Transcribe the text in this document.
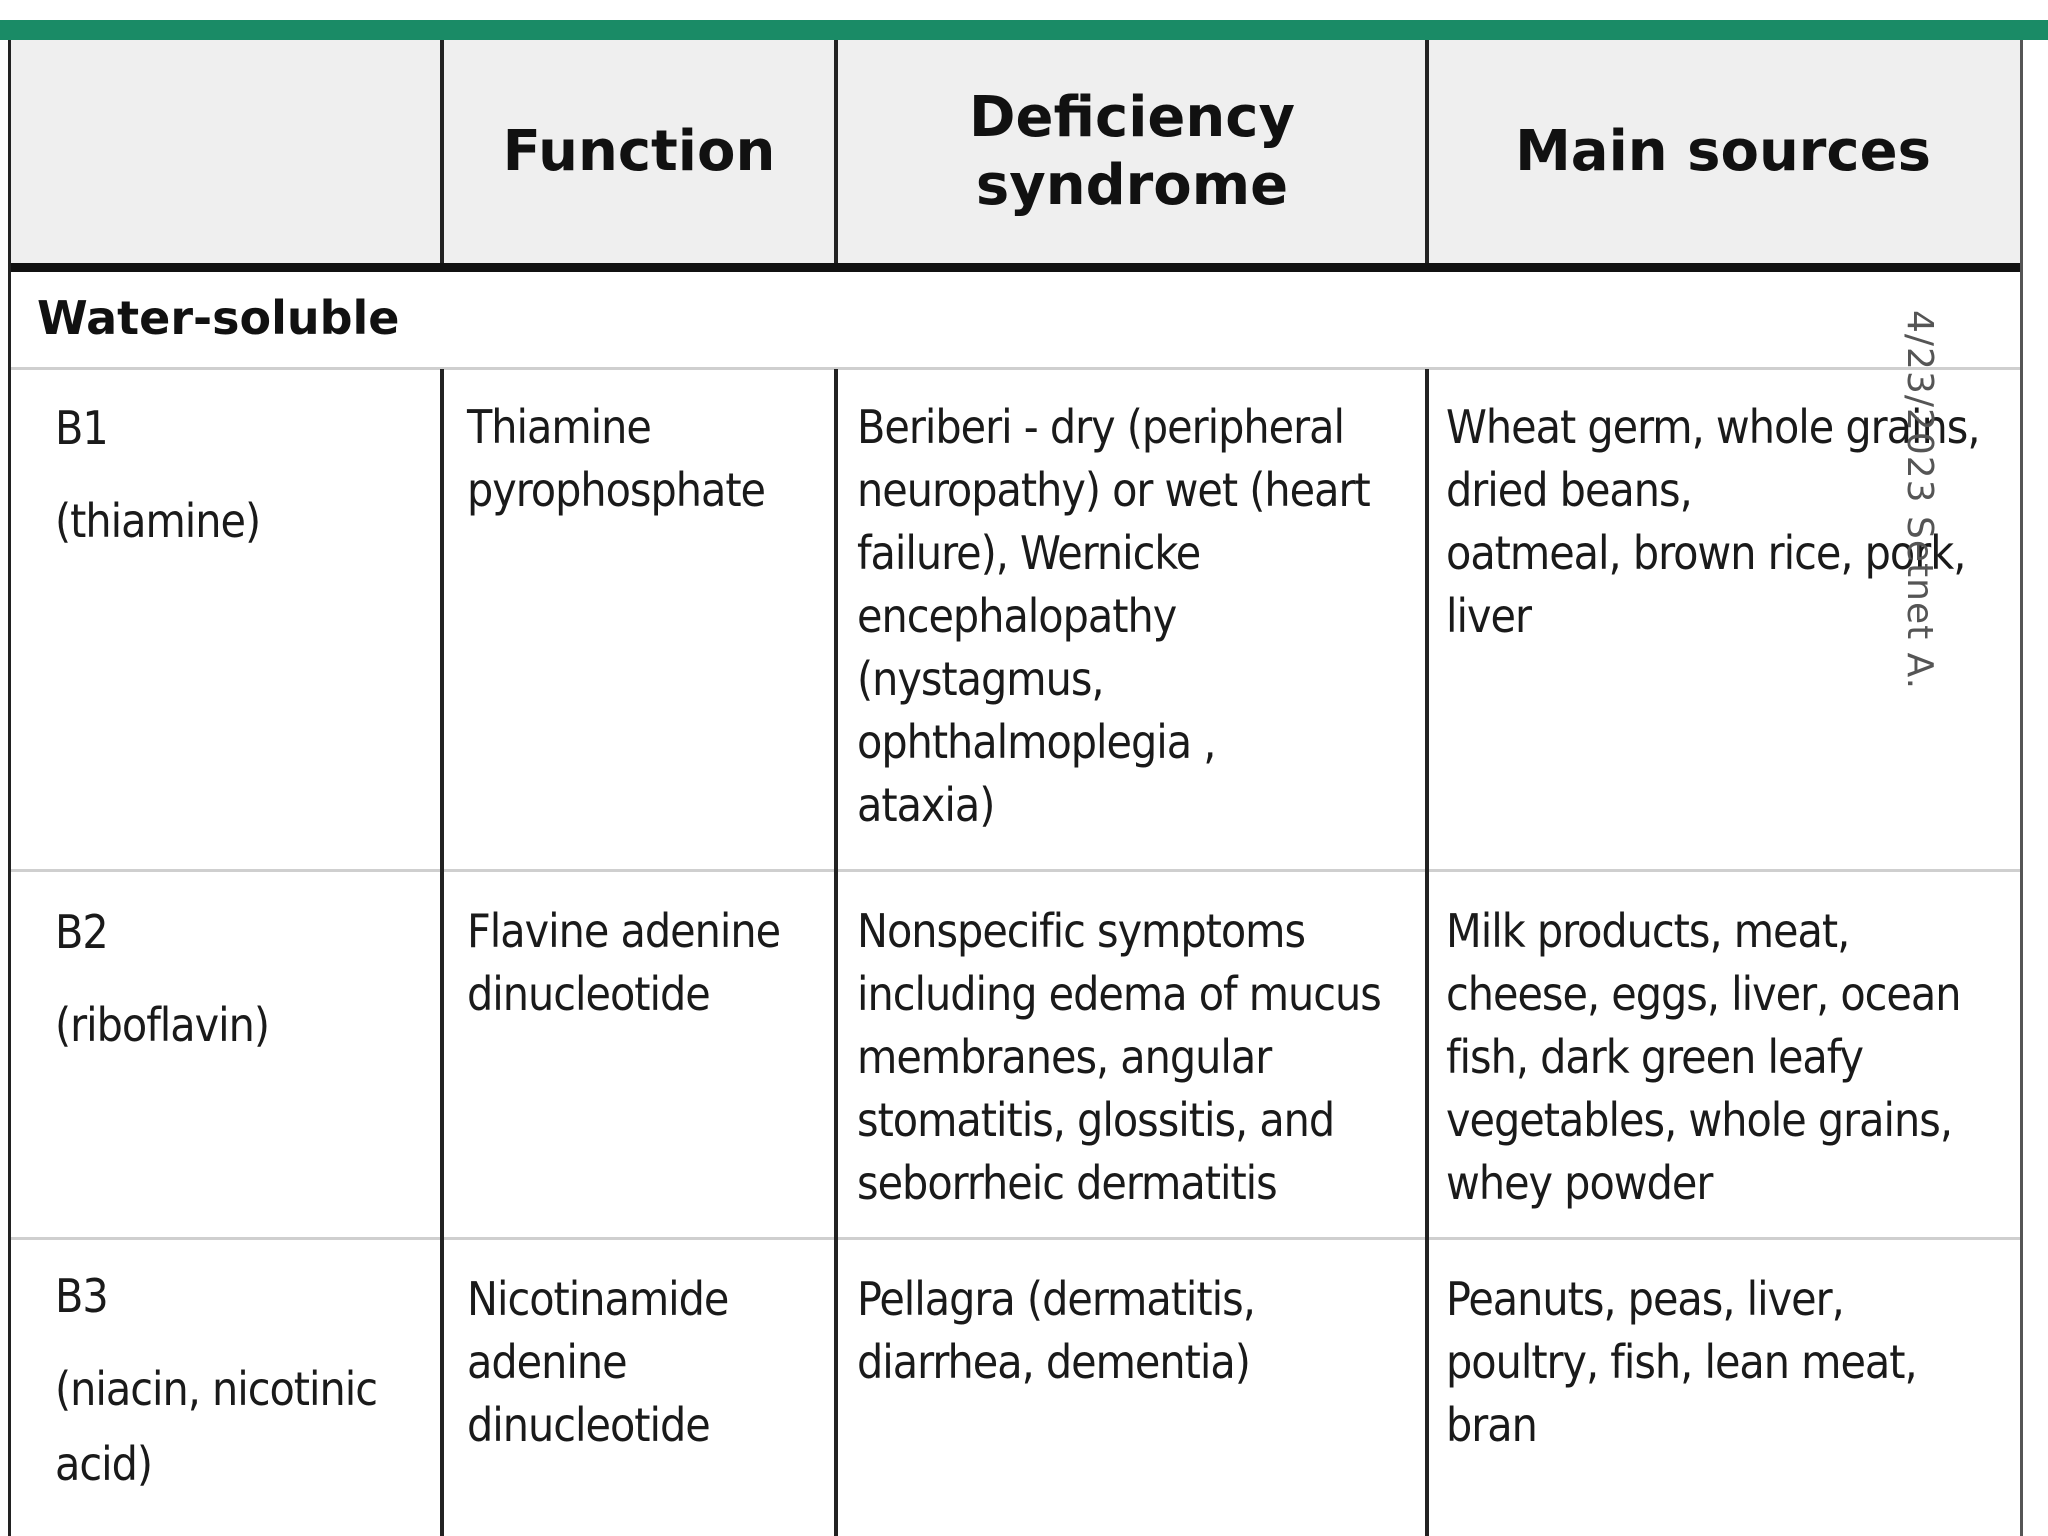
Function
Deficiency
syndrome
Main sources
Water-soluble
B1
(thiamine)
Thiamine
pyrophosphate
Beriberi - dry (peripheral
neuropathy) or wet (heart
failure), Wernicke
encephalopathy
(nystagmus,
ophthalmoplegia ,
ataxia)
Wheat germ, whole grains,
dried beans,
oatmeal, brown rice, pork,
liver
B2
(riboflavin)
Flavine adenine
dinucleotide
Nonspecific symptoms
including edema of mucus
membranes, angular
stomatitis, glossitis, and
seborrheic dermatitis
Milk products, meat,
cheese, eggs, liver, ocean
fish, dark green leafy
vegetables, whole grains,
whey powder
B3
(niacin, nicotinic
acid)
Nicotinamide
adenine
dinucleotide
Pellagra (dermatitis,
diarrhea, dementia)
Peanuts, peas, liver,
poultry, fish, lean meat,
bran
4/23/2023 Setnet A.
